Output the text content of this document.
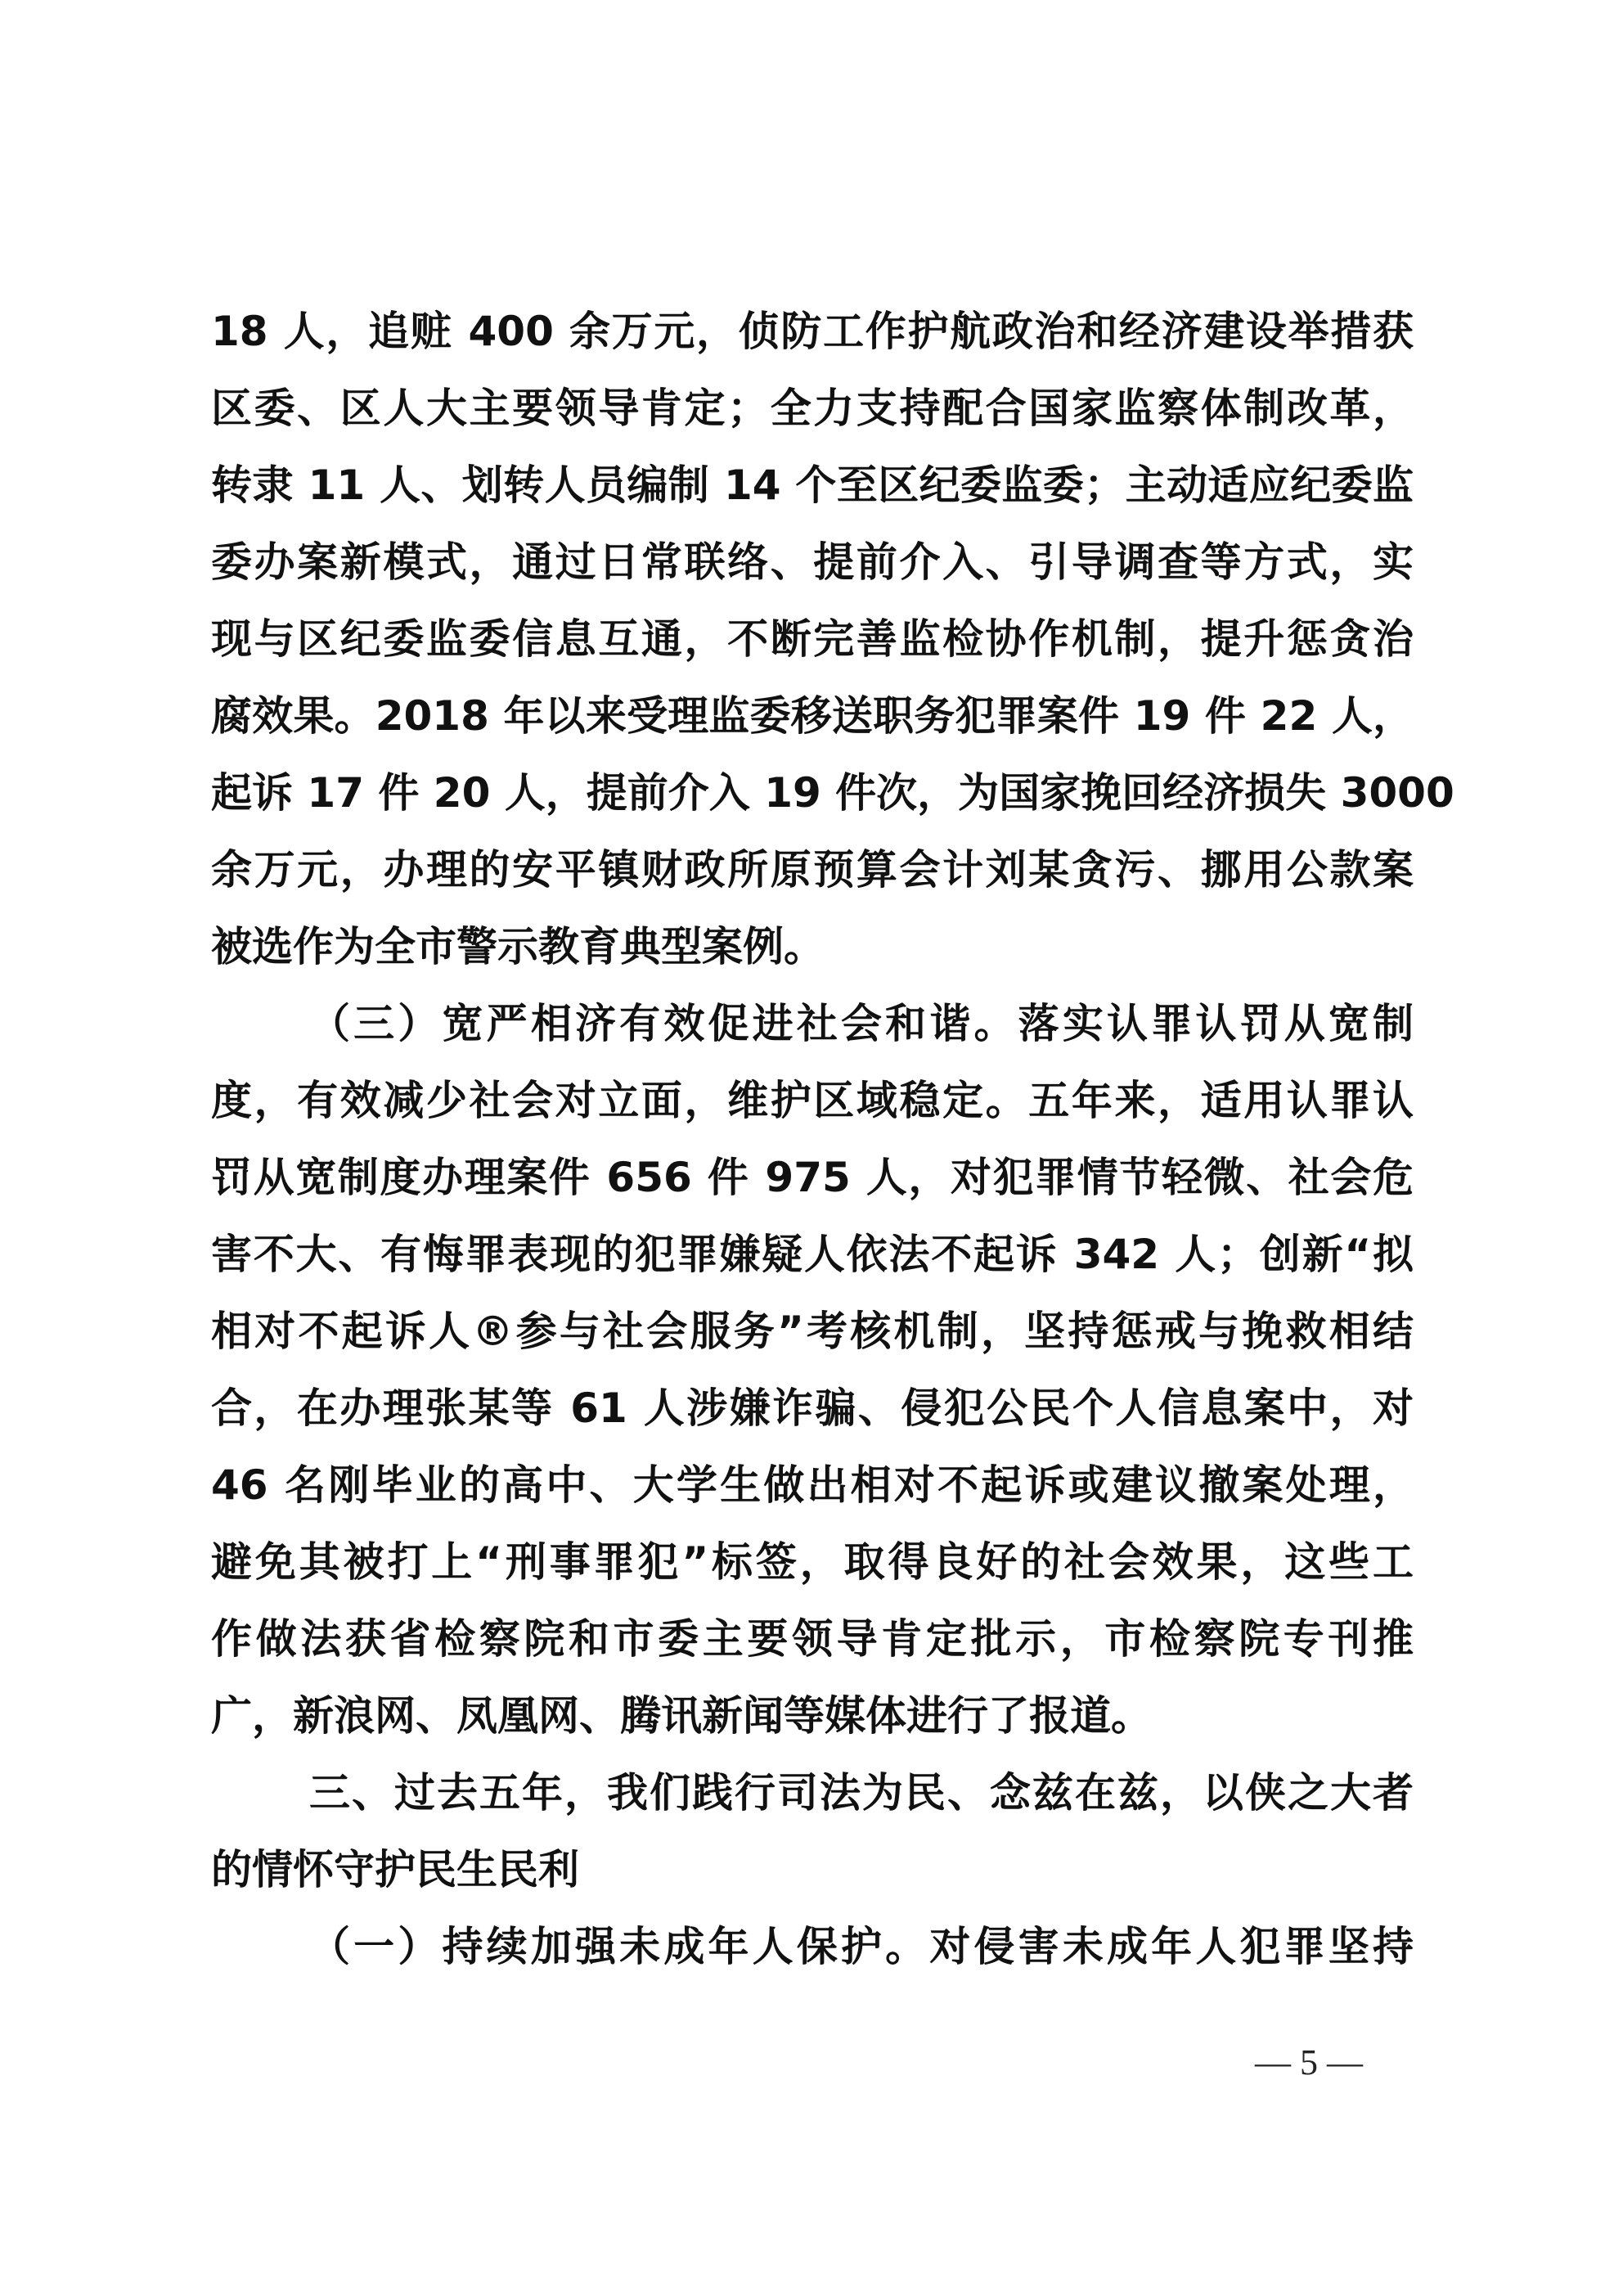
18 人，追赃 400 余万元，侦防工作护航政治和经济建设举措获
区委、区人大主要领导肯定；全力支持配合国家监察体制改革，
转隶 11 人、划转人员编制 14 个至区纪委监委；主动适应纪委监
委办案新模式，通过日常联络、提前介入、引导调查等方式，实
现与区纪委监委信息互通，不断完善监检协作机制，提升惩贪治
腐效果。2018 年以来受理监委移送职务犯罪案件 19 件 22 人，
起诉 17 件 20 人，提前介入 19 件次，为国家挽回经济损失 3000
余万元，办理的安平镇财政所原预算会计刘某贪污、挪用公款案
被选作为全市警示教育典型案例。
（三）宽严相济有效促进社会和谐。落实认罪认罚从宽制
度，有效减少社会对立面，维护区域稳定。五年来，适用认罪认
罚从宽制度办理案件 656 件 975 人，对犯罪情节轻微、社会危
害不大、有悔罪表现的犯罪嫌疑人依法不起诉 342 人；创新“拟
相对不起诉人®参与社会服务”考核机制，坚持惩戒与挽救相结
合，在办理张某等 61 人涉嫌诈骗、侵犯公民个人信息案中，对
46 名刚毕业的高中、大学生做出相对不起诉或建议撤案处理，
避免其被打上“刑事罪犯”标签，取得良好的社会效果，这些工
作做法获省检察院和市委主要领导肯定批示，市检察院专刊推
广，新浪网、凤凰网、腾讯新闻等媒体进行了报道。
三、过去五年，我们践行司法为民、念兹在兹，以侠之大者
的情怀守护民生民利
（一）持续加强未成年人保护。对侵害未成年人犯罪坚持
— 5 —
